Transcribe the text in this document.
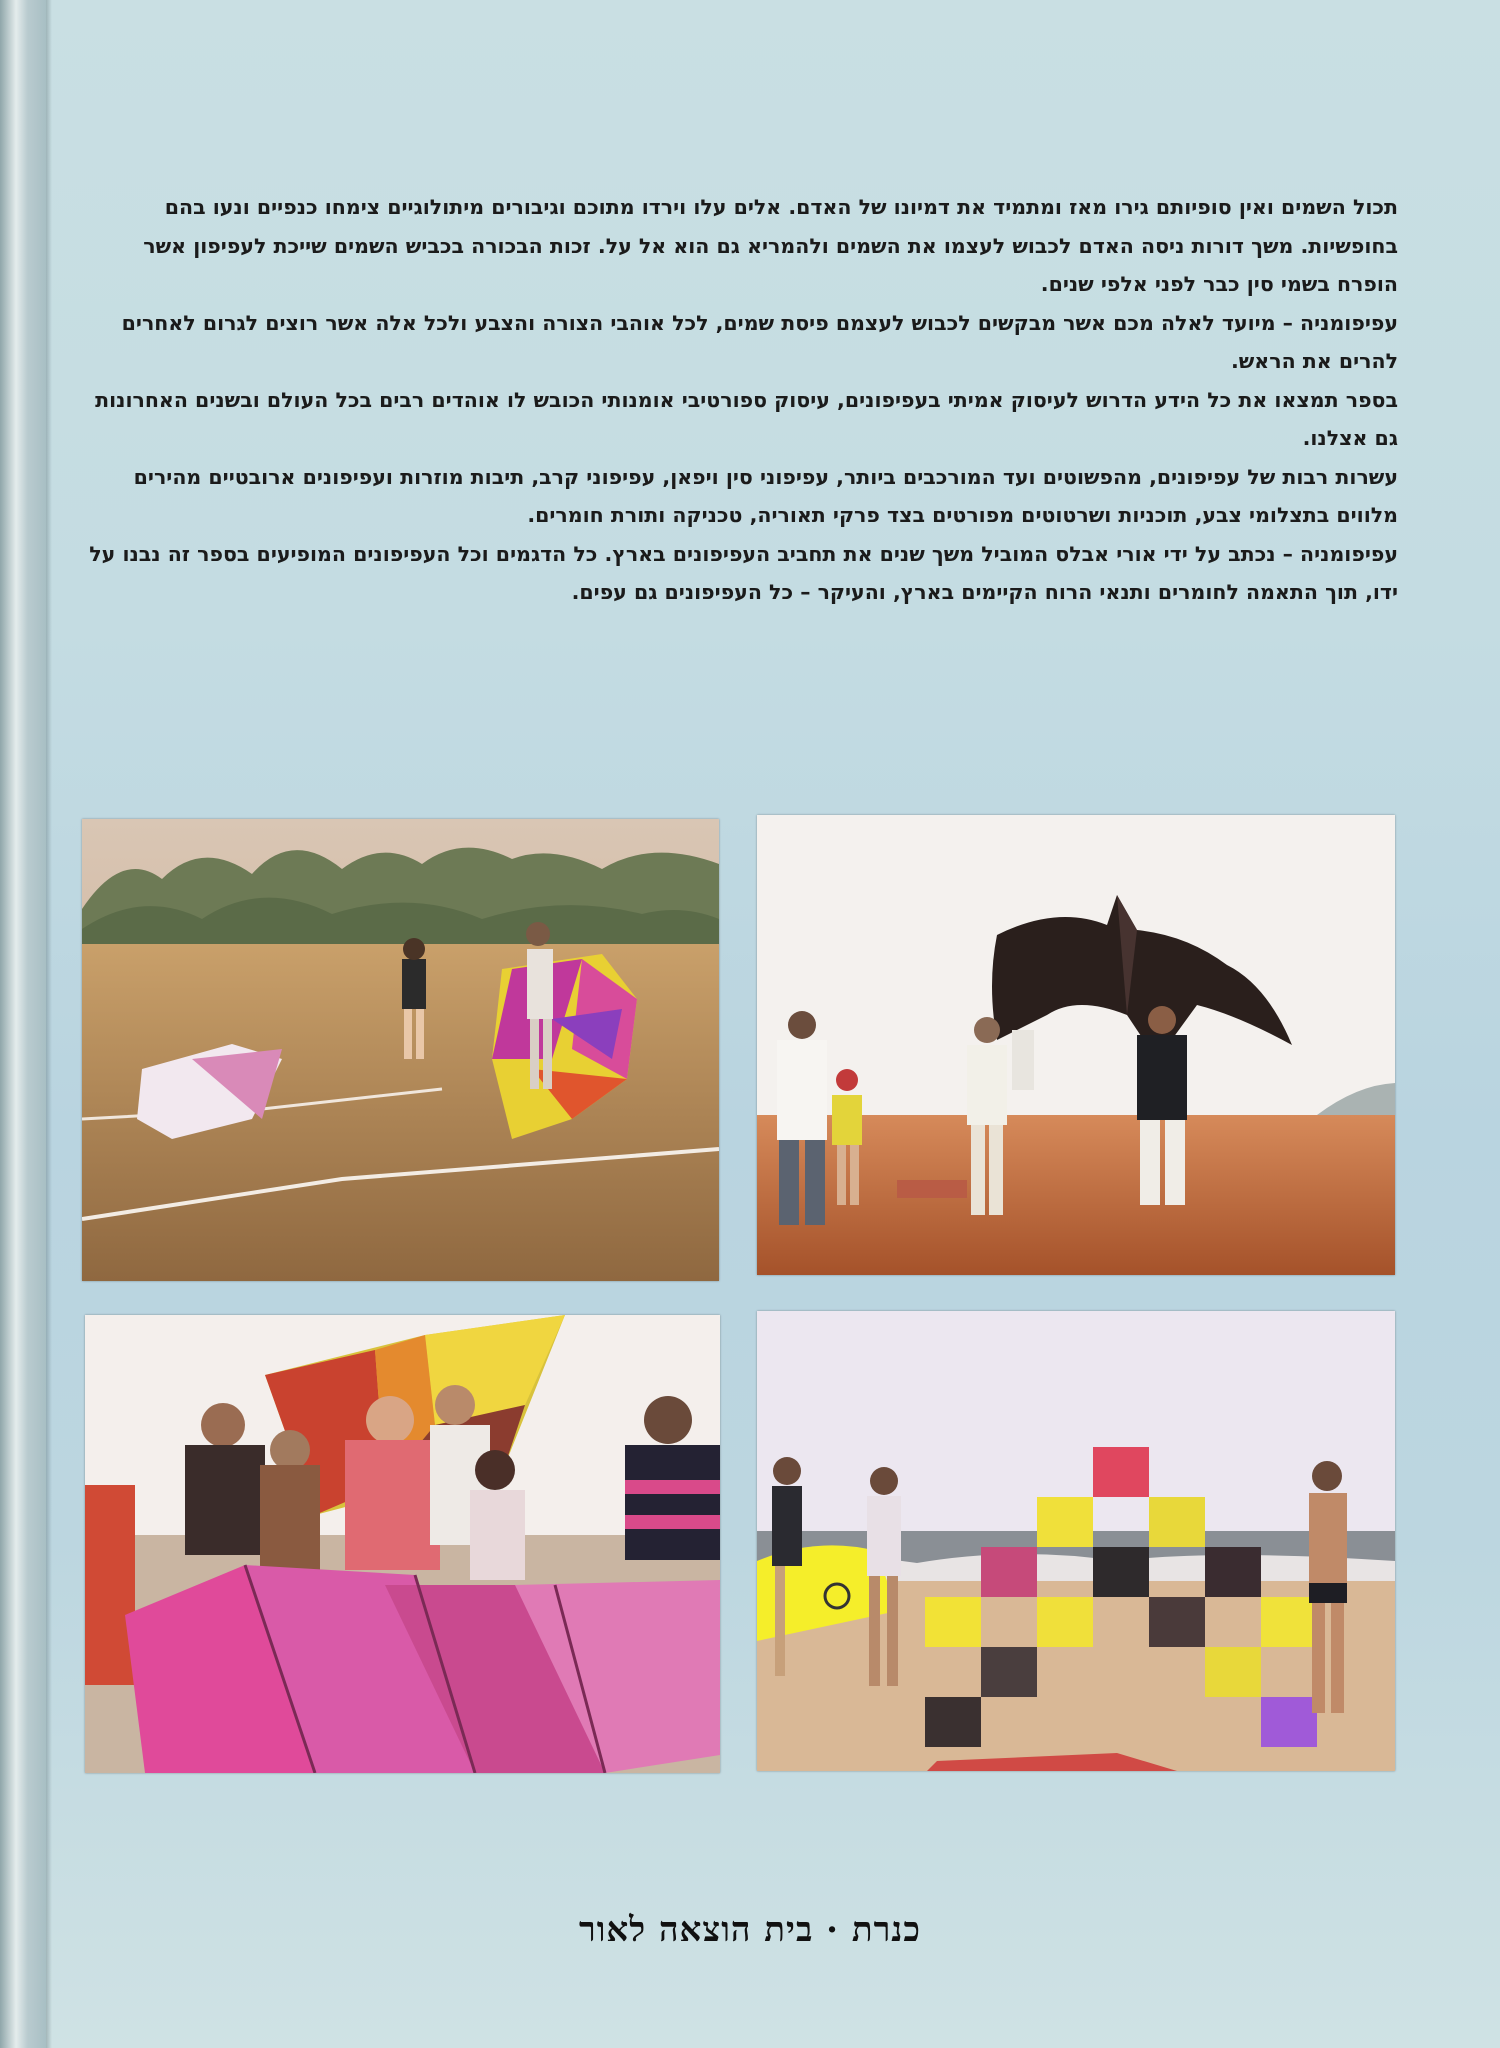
תכול השמים ואין סופיותם גירו מאז ומתמיד את דמיונו של האדם. אלים עלו וירדו מתוכם וגיבורים מיתולוגיים צימחו כנפיים ונעו בהם בחופשיות. משך דורות ניסה האדם לכבוש לעצמו את השמים ולהמריא גם הוא אל על. זכות הבכורה בכביש השמים שייכת לעפיפון אשר הופרח בשמי סין כבר לפני אלפי שנים.

עפיפומניה – מיועד לאלה מכם אשר מבקשים לכבוש לעצמם פיסת שמים, לכל אוהבי הצורה והצבע ולכל אלה אשר רוצים לגרום לאחרים להרים את הראש.

בספר תמצאו את כל הידע הדרוש לעיסוק אמיתי בעפיפונים, עיסוק ספורטיבי אומנותי הכובש לו אוהדים רבים בכל העולם ובשנים האחרונות גם אצלנו.

עשרות רבות של עפיפונים, מהפשוטים ועד המורכבים ביותר, עפיפוני סין ויפאן, עפיפוני קרב, תיבות מוזרות ועפיפונים ארובטיים מהירים מלווים בתצלומי צבע, תוכניות ושרטוטים מפורטים בצד פרקי תאוריה, טכניקה ותורת חומרים.

עפיפומניה – נכתב על ידי אורי אבלס המוביל משך שנים את תחביב העפיפונים בארץ. כל הדגמים וכל העפיפונים המופיעים בספר זה נבנו על ידו, תוך התאמה לחומרים ותנאי הרוח הקיימים בארץ, והעיקר – כל העפיפונים גם עפים.

כנרת · בית הוצאה לאור
